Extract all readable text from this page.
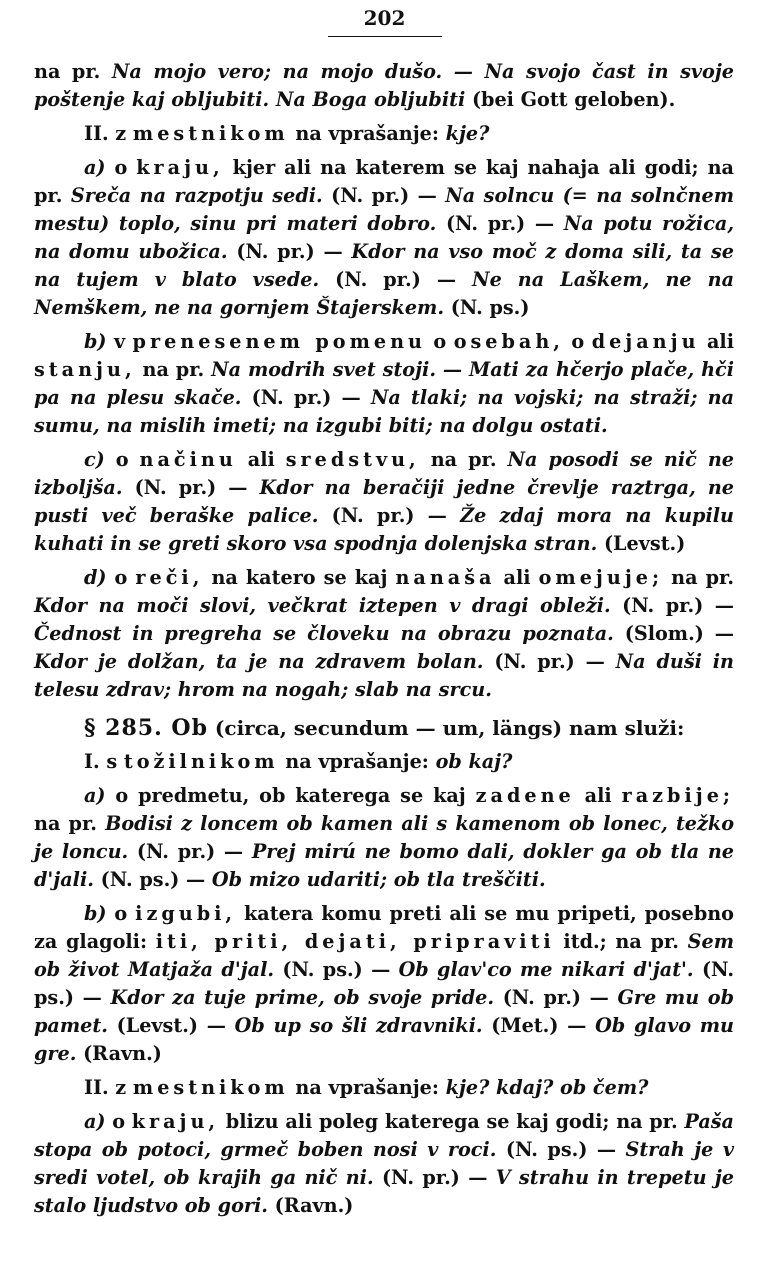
202

na pr. Na mojo vero; na mojo dušo. — Na svojo čast in svoje poštenje kaj obljubiti. Na Boga obljubiti (bei Gott geloben).

II. z mestnikom na vprašanje: kje?

a) o kraju, kjer ali na katerem se kaj nahaja ali godi; na pr. Sreča na razpotju sedi. (N. pr.) — Na solncu (= na solnčnem mestu) toplo, sinu pri materi dobro. (N. pr.) — Na potu rožica, na domu ubožica. (N. pr.) — Kdor na vso moč z doma sili, ta se na tujem v blato vsede. (N. pr.) — Ne na Laškem, ne na Nemškem, ne na gornjem Štajerskem. (N. ps.)

b) v prenesenem pomenu o osebah, o dejanju ali stanju, na pr. Na modrih svet stoji. — Mati za hčerjo plače, hči pa na plesu skače. (N. pr.) — Na tlaki; na vojski; na straži; na sumu, na mislih imeti; na izgubi biti; na dolgu ostati.

c) o načinu ali sredstvu, na pr. Na posodi se nič ne izboljša. (N. pr.) — Kdor na beračiji jedne črevlje raztrga, ne pusti več beraške palice. (N. pr.) — Že zdaj mora na kupilu kuhati in se greti skoro vsa spodnja dolenjska stran. (Levst.)

d) o reči, na katero se kaj nanaša ali omejuje; na pr. Kdor na moči slovi, večkrat iztepen v dragi obleži. (N. pr.) — Čednost in pregreha se človeku na obrazu poznata. (Slom.) — Kdor je dolžan, ta je na zdravem bolan. (N. pr.) — Na duši in telesu zdrav; hrom na nogah; slab na srcu.

§ 285. Ob (circa, secundum — um, längs) nam služi:

I. s tožilnikom na vprašanje: ob kaj?

a) o predmetu, ob katerega se kaj zadene ali razbije; na pr. Bodisi z loncem ob kamen ali s kamenom ob lonec, težko je loncu. (N. pr.) — Prej mirú ne bomo dali, dokler ga ob tla ne d'jali. (N. ps.) — Ob mizo udariti; ob tla treščiti.

b) o izgubi, katera komu preti ali se mu pripeti, posebno za glagoli: iti, priti, dejati, pripraviti itd.; na pr. Sem ob život Matjaža d'jal. (N. ps.) — Ob glav'co me nikari d'jat'. (N. ps.) — Kdor za tuje prime, ob svoje pride. (N. pr.) — Gre mu ob pamet. (Levst.) — Ob up so šli zdravniki. (Met.) — Ob glavo mu gre. (Ravn.)

II. z mestnikom na vprašanje: kje? kdaj? ob čem?

a) o kraju, blizu ali poleg katerega se kaj godi; na pr. Paša stopa ob potoci, grmeč boben nosi v roci. (N. ps.) — Strah je v sredi votel, ob krajih ga nič ni. (N. pr.) — V strahu in trepetu je stalo ljudstvo ob gori. (Ravn.)
